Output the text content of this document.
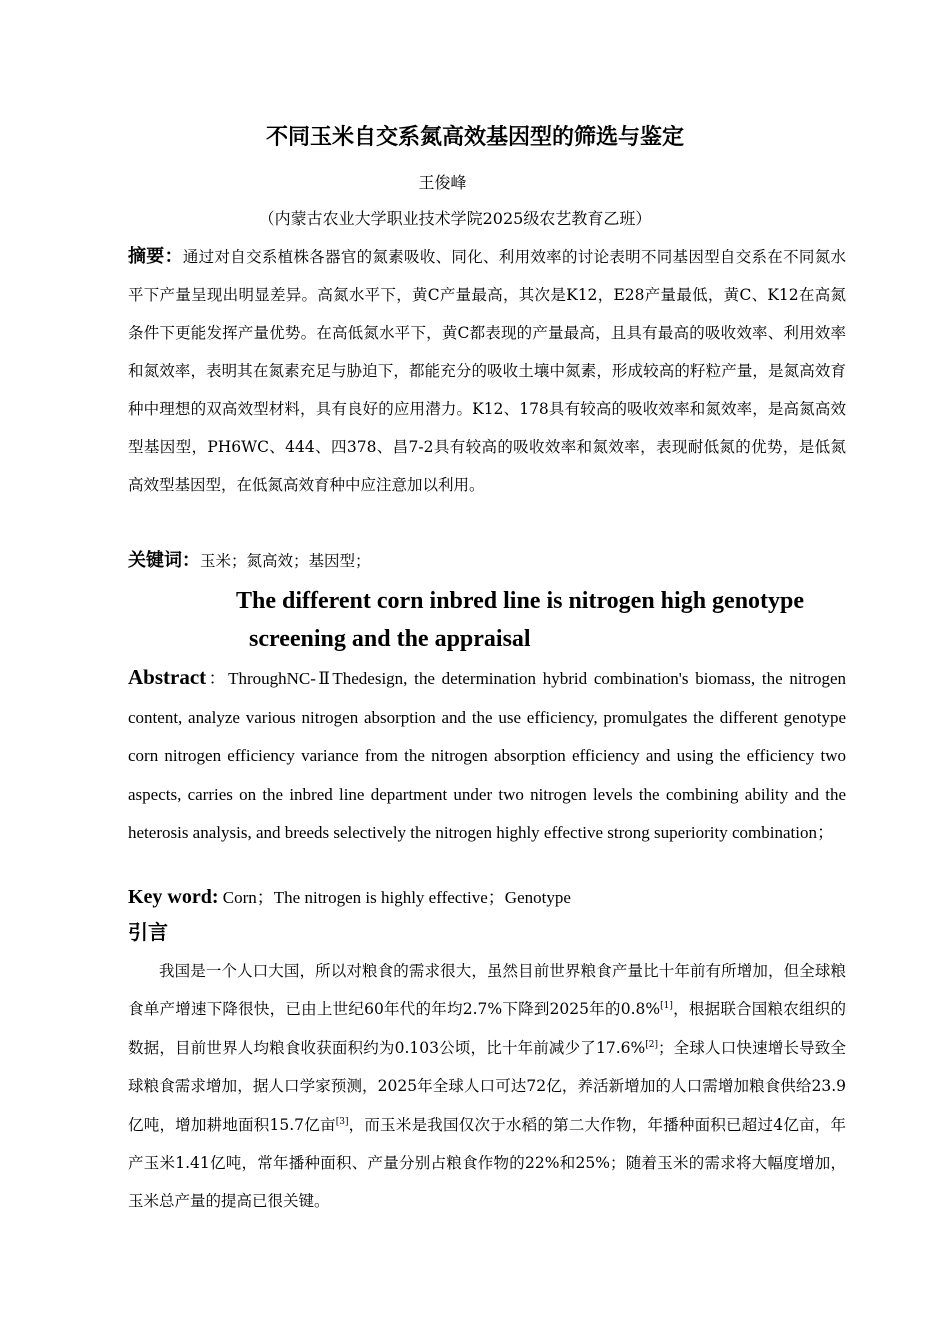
不同玉米自交系氮高效基因型的筛选与鉴定
王俊峰
（内蒙古农业大学职业技术学院2025级农艺教育乙班）
摘要：通过对自交系植株各器官的氮素吸收、同化、利用效率的讨论表明不同基因型自交系在不同氮水平下产量呈现出明显差异。高氮水平下，黄C产量最高，其次是K12，E28产量最低，黄C、K12在高氮条件下更能发挥产量优势。在高低氮水平下，黄C都表现的产量最高，且具有最高的吸收效率、利用效率和氮效率，表明其在氮素充足与胁迫下，都能充分的吸收土壤中氮素，形成较高的籽粒产量，是氮高效育种中理想的双高效型材料，具有良好的应用潜力。K12、178具有较高的吸收效率和氮效率，是高氮高效型基因型，PH6WC、444、四378、昌7-2具有较高的吸收效率和氮效率，表现耐低氮的优势，是低氮高效型基因型，在低氮高效育种中应注意加以利用。
关键词：玉米；氮高效；基因型；
The different corn inbred line is nitrogen high genotype
screening and the appraisal
Abstract：ThroughNC-ⅡThedesign, the determination hybrid combination's biomass, the nitrogen content, analyze various nitrogen absorption and the use efficiency, promulgates the different genotype corn nitrogen efficiency variance from the nitrogen absorption efficiency and using the efficiency two aspects, carries on the inbred line department under two nitrogen levels the combining ability and the heterosis analysis, and breeds selectively the nitrogen highly effective strong superiority combination；
Key word: Corn；The nitrogen is highly effective；Genotype
引言

我国是一个人口大国，所以对粮食的需求很大，虽然目前世界粮食产量比十年前有所增加，但全球粮食单产增速下降很快，已由上世纪60年代的年均2.7%下降到2025年的0.8%[1]，根据联合国粮农组织的数据，目前世界人均粮食收获面积约为0.103公顷，比十年前减少了17.6%[2]；全球人口快速增长导致全球粮食需求增加，据人口学家预测，2025年全球人口可达72亿，养活新增加的人口需增加粮食供给23.9亿吨，增加耕地面积15.7亿亩[3]，而玉米是我国仅次于水稻的第二大作物，年播种面积已超过4亿亩，年产玉米1.41亿吨，常年播种面积、产量分别占粮食作物的22%和25%；随着玉米的需求将大幅度增加，玉米总产量的提高已很关键。
